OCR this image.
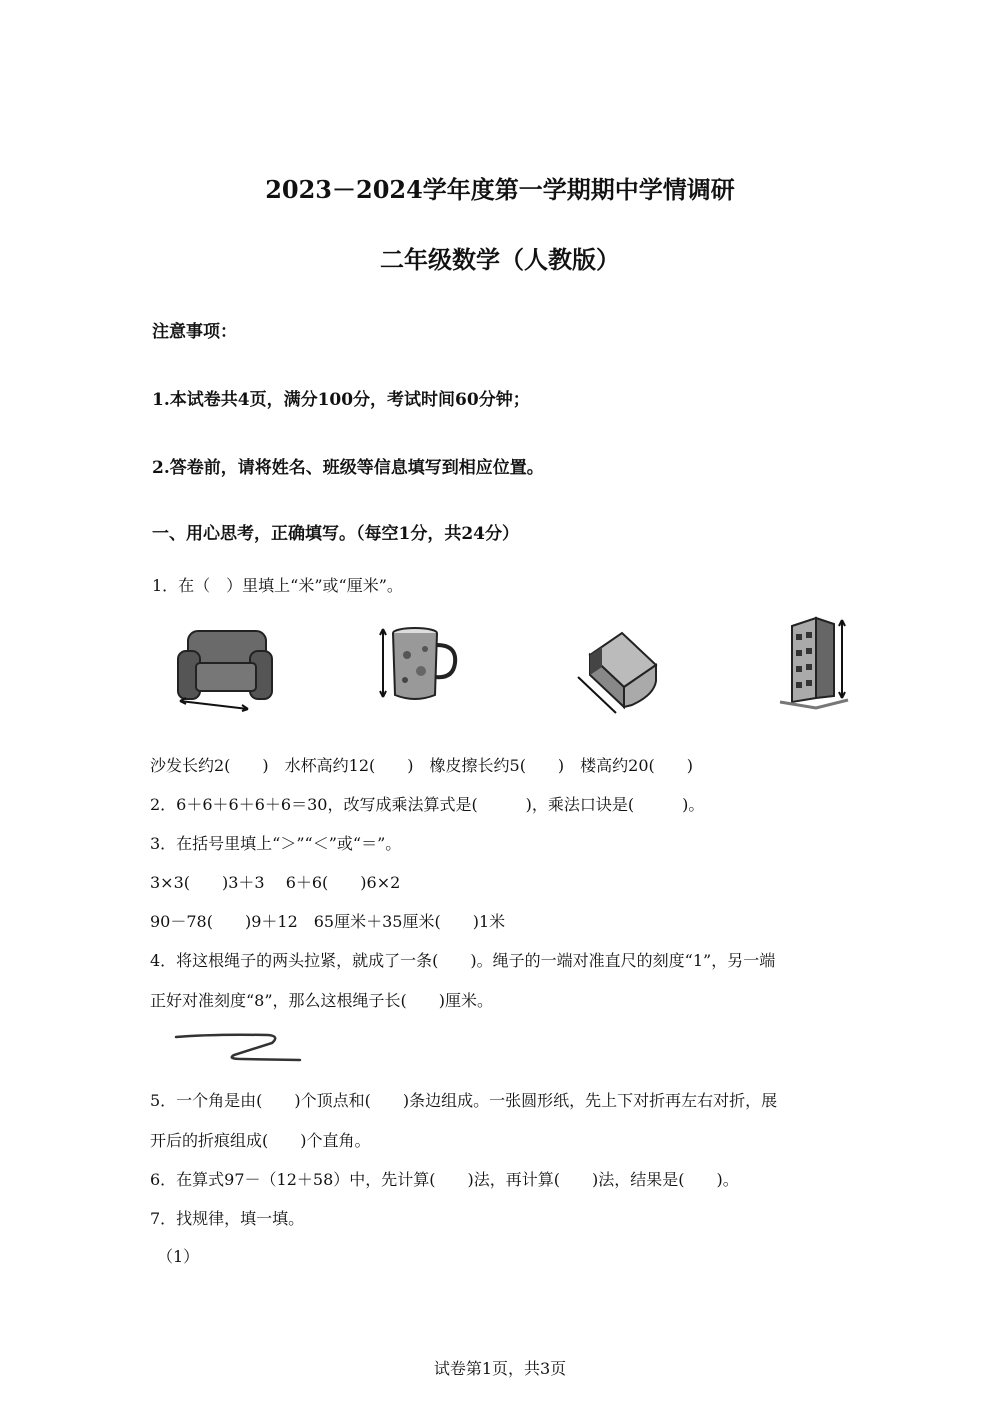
2023－2024学年度第一学期期中学情调研
二年级数学（人教版）
注意事项：
1.本试卷共4页，满分100分，考试时间60分钟；
2.答卷前，请将姓名、班级等信息填写到相应位置。
一、用心思考，正确填写。（每空1分，共24分）
1．在（　）里填上“米”或“厘米”。
沙发长约2(　　)　水杯高约12(　　)　橡皮擦长约5(　　)　楼高约20(　　)
2．6＋6＋6＋6＋6＝30，改写成乘法算式是(　　　)，乘法口诀是(　　　)。
3．在括号里填上“＞”“＜”或“＝”。
3×3(　　)3＋3　 6＋6(　　)6×2
90－78(　　)9＋12　65厘米＋35厘米(　　)1米
4．将这根绳子的两头拉紧，就成了一条(　　)。绳子的一端对准直尺的刻度“1”，另一端
正好对准刻度“8”，那么这根绳子长(　　)厘米。
5．一个角是由(　　)个顶点和(　　)条边组成。一张圆形纸，先上下对折再左右对折，展
开后的折痕组成(　　)个直角。
6．在算式97－（12＋58）中，先计算(　　)法，再计算(　　)法，结果是(　　)。
7．找规律，填一填。
（1）
试卷第1页，共3页
